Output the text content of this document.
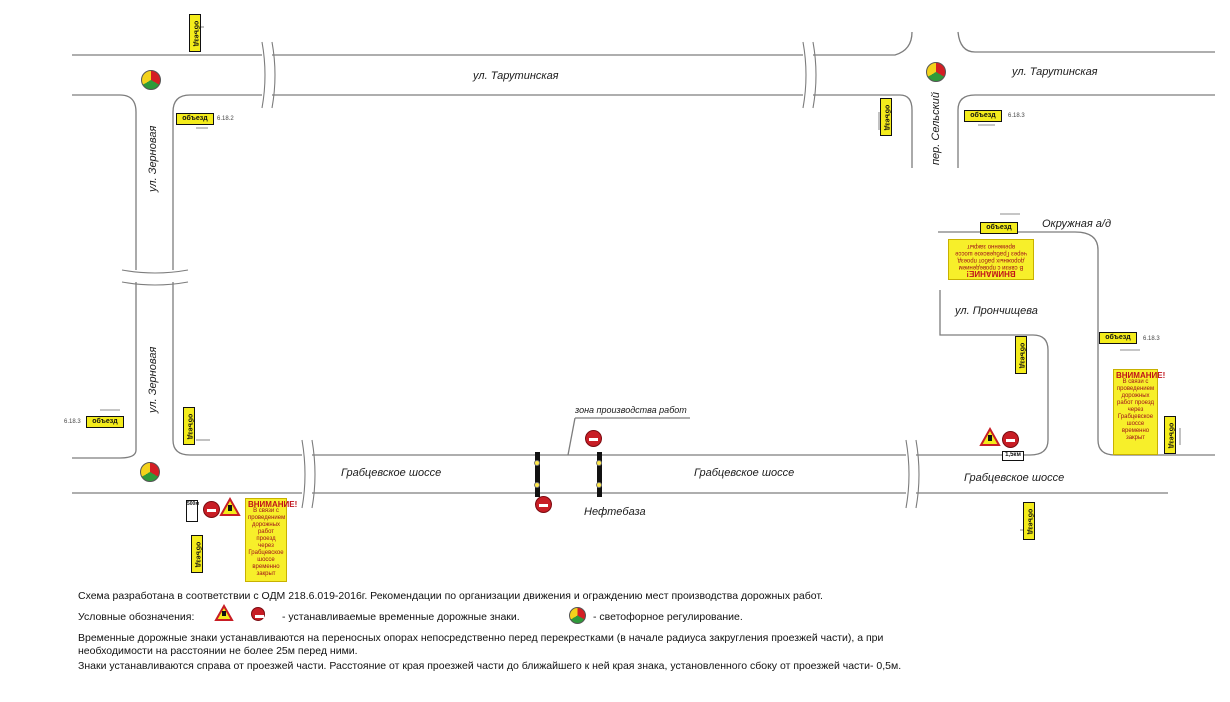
ул. Тарутинская	ул. Тарутинская
ул. Зерновая
ул. Зерновая
пер. Сельский
Окружная а/д
ул. Прончищева
Грабцевское шоссе	Грабцевское шоссе	Грабцевское шоссе
зона производства работ
Нефтебаза
объезд
объезд	6.18.2	объезд	объезд	6.18.3
объезд
объезд
объезд	6.18.3
объезд
объезд
6.18.3	объезд
объезд
объезд
ВНИМАНИЕ!
В связи с проведением дорожных работ проезд через Грабцевское шоссе временно закрыт
ВНИМАНИЕ!
В связи с проведением дорожных работ проезд через Грабцевское шоссе временно закрыт
ВНИМАНИЕ!
В связи с проведением дорожных работ проезд через Грабцевское шоссе временно закрыт
1,5км
500м
Схема разработана в соответствии с ОДМ 218.6.019-2016г. Рекомендации по организации движения и ограждению мест производства дорожных работ.
Условные обозначения:	- устанавливаемые временные дорожные знаки.	- светофорное регулирование.
Временные дорожные знаки устанавливаются на переносных опорах непосредственно перед перекрестками (в начале радиуса закругления проезжей части), а при
необходимости на расстоянии не более 25м перед ними.
Знаки устанавливаются справа от проезжей части. Расстояние от края проезжей части до ближайшего к ней края знака, установленного сбоку от проезжей части- 0,5м.
